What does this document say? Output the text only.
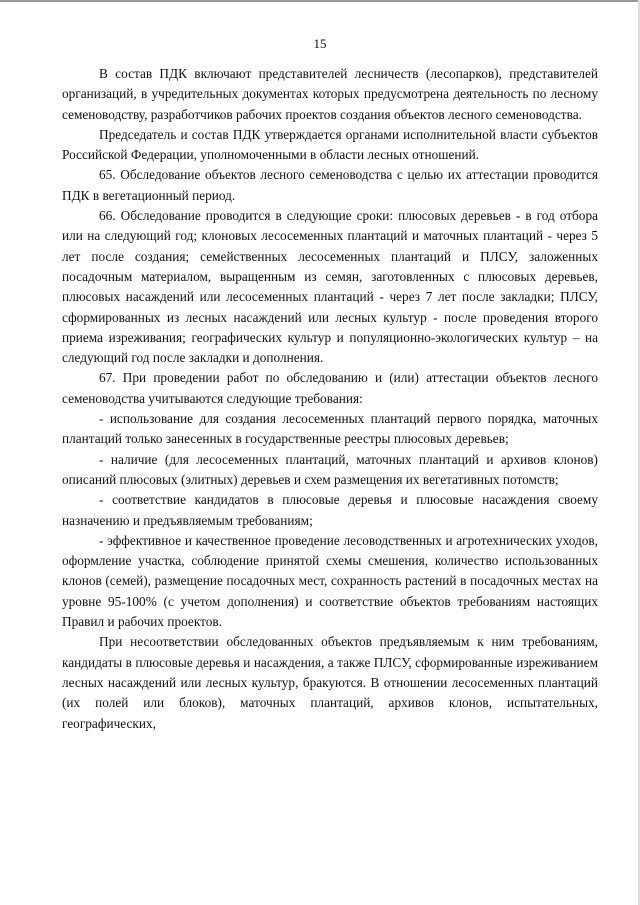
15

В состав ПДК включают представителей лесничеств (лесопарков), представителей организаций, в учредительных документах которых предусмотрена деятельность по лесному семеноводству, разработчиков рабочих проектов создания объектов лесного семеноводства.

Председатель и состав ПДК утверждается органами исполнительной власти субъектов Российской Федерации, уполномоченными в области лесных отношений.

65. Обследование объектов лесного семеноводства с целью их аттестации проводится ПДК в вегетационный период.

66. Обследование проводится в следующие сроки: плюсовых деревьев - в год отбора или на следующий год; клоновых лесосеменных плантаций и маточных плантаций - через 5 лет после создания; семейственных лесосеменных плантаций и ПЛСУ, заложенных посадочным материалом, выращенным из семян, заготовленных с плюсовых деревьев, плюсовых насаждений или лесосеменных плантаций - через 7 лет после закладки; ПЛСУ, сформированных из лесных насаждений или лесных культур - после проведения второго приема изреживания; географических культур и популяционно-экологических культур – на следующий год после закладки и дополнения.

67. При проведении работ по обследованию и (или) аттестации объектов лесного семеноводства учитываются следующие требования:

- использование для создания лесосеменных плантаций первого порядка, маточных плантаций только занесенных в государственные реестры плюсовых деревьев;

- наличие (для лесосеменных плантаций, маточных плантаций и архивов клонов) описаний плюсовых (элитных) деревьев и схем размещения их вегетативных потомств;

- соответствие кандидатов в плюсовые деревья и плюсовые насаждения своему назначению и предъявляемым требованиям;

- эффективное и качественное проведение лесоводственных и агротехнических уходов, оформление участка, соблюдение принятой схемы смешения, количество использованных клонов (семей), размещение посадочных мест, сохранность растений в посадочных местах на уровне 95-100% (с учетом дополнения) и соответствие объектов требованиям настоящих Правил и рабочих проектов.

При несоответствии обследованных объектов предъявляемым к ним требованиям, кандидаты в плюсовые деревья и насаждения, а также ПЛСУ, сформированные изреживанием лесных насаждений или лесных культур, бракуются. В отношении лесосеменных плантаций (их полей или блоков), маточных плантаций, архивов клонов, испытательных, географических,
